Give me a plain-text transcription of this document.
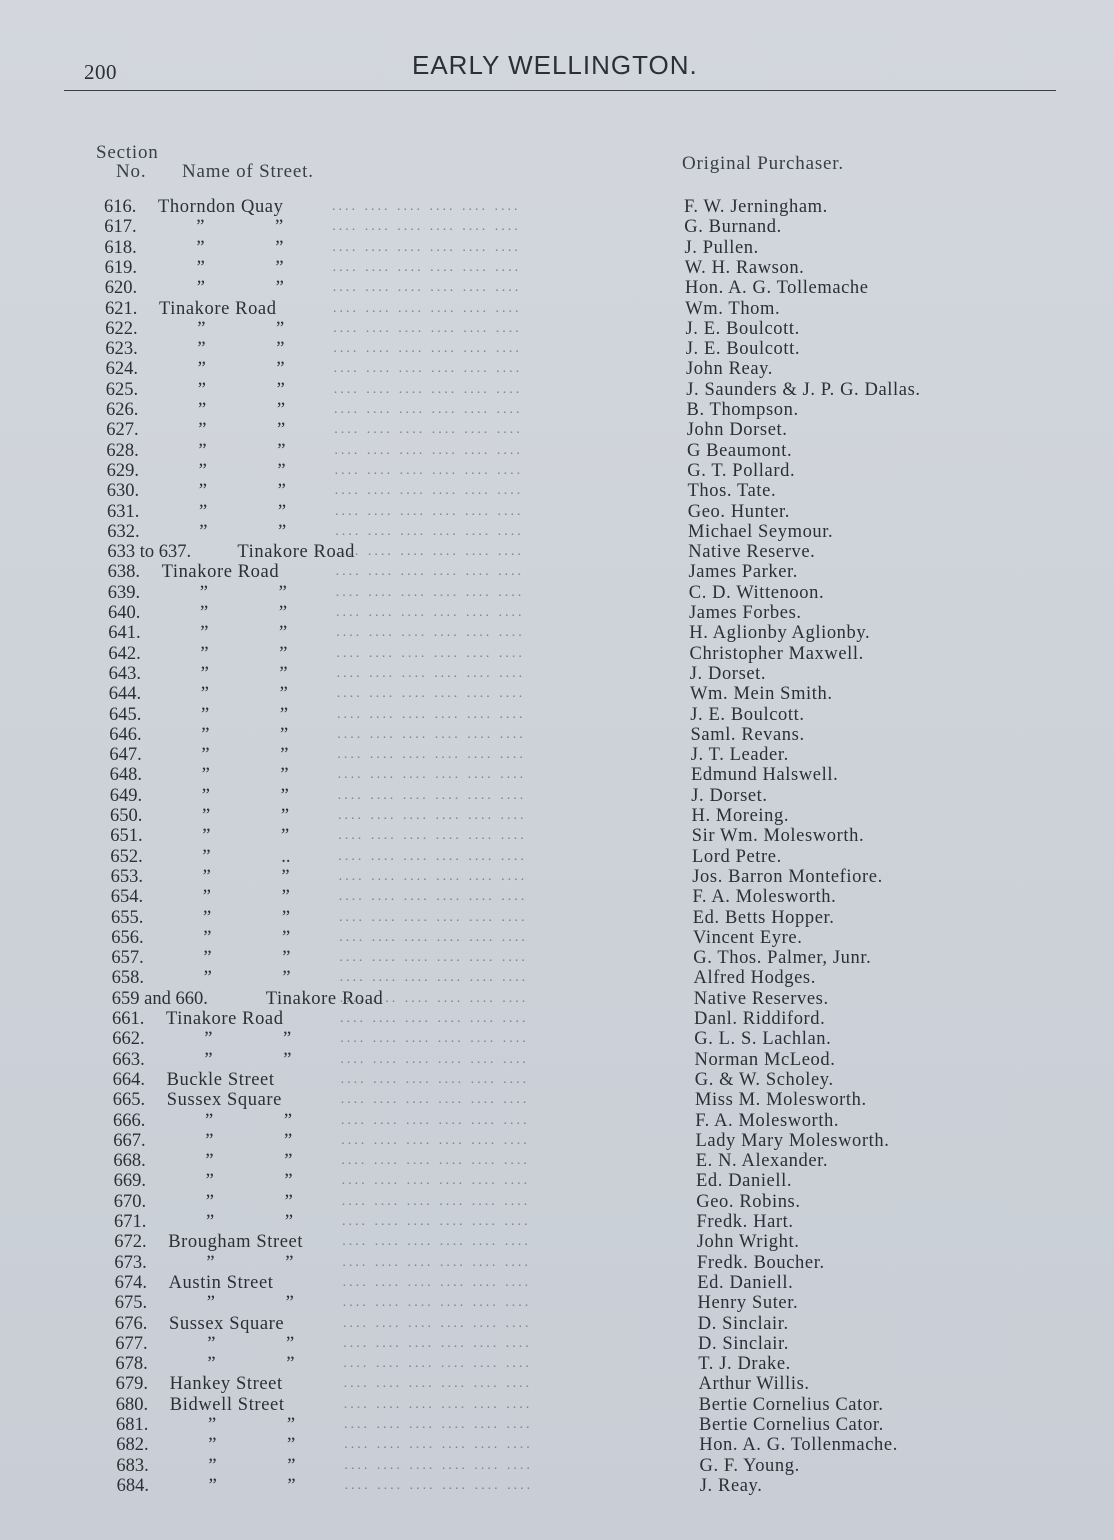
200	EARLY WELLINGTON.
Section
No. Name of Street.	Original Purchaser.
.... .... .... .... .... ....
616. Thorndon Quay	F. W. Jerningham.
.... .... .... .... .... ....
617.	” ”	G. Burnand.
.... .... .... .... .... ....
618.	” ”	J. Pullen.
.... .... .... .... .... ....
619.	” ”	W. H. Rawson.
.... .... .... .... .... ....
620.	” ”	Hon. A. G. Tollemache
.... .... .... .... .... ....
621. Tinakore Road	Wm. Thom.
.... .... .... .... .... ....
622.	” ”	J. E. Boulcott.
.... .... .... .... .... ....
623.	” ”	J. E. Boulcott.
.... .... .... .... .... ....
624.	” ”	John Reay.
.... .... .... .... .... ....
625.	” ”	J. Saunders & J. P. G. Dallas.
.... .... .... .... .... ....
626.	” ”	B. Thompson.
.... .... .... .... .... ....
627.	” ”	John Dorset.
.... .... .... .... .... ....
628.	” ”	G Beaumont.
.... .... .... .... .... ....
629.	” ”	G. T. Pollard.
.... .... .... .... .... ....
630.	” ”	Thos. Tate.
.... .... .... .... .... ....
631.	” ”	Geo. Hunter.
.... .... .... .... .... ....
632.	” ”	Michael Seymour.
.... .... .... .... .... ....
633 to 637. Tinakore Road	Native Reserve.
.... .... .... .... .... ....
638. Tinakore Road	James Parker.
.... .... .... .... .... ....
639.	” ”	C. D. Wittenoon.
.... .... .... .... .... ....
640.	” ”	James Forbes.
.... .... .... .... .... ....
641.	” ”	H. Aglionby Aglionby.
.... .... .... .... .... ....
642.	” ”	Christopher Maxwell.
.... .... .... .... .... ....
643.	” ”	J. Dorset.
.... .... .... .... .... ....
644.	” ”	Wm. Mein Smith.
.... .... .... .... .... ....
645.	” ”	J. E. Boulcott.
.... .... .... .... .... ....
646.	” ”	Saml. Revans.
.... .... .... .... .... ....
647.	” ”	J. T. Leader.
.... .... .... .... .... ....
648.	” ”	Edmund Halswell.
.... .... .... .... .... ....
649.	” ”	J. Dorset.
.... .... .... .... .... ....
650.	” ”	H. Moreing.
.... .... .... .... .... ....
651.	” ”	Sir Wm. Molesworth.
.... .... .... .... .... ....
652.	” ..	Lord Petre.
.... .... .... .... .... ....
653.	” ”	Jos. Barron Montefiore.
.... .... .... .... .... ....
654.	” ”	F. A. Molesworth.
.... .... .... .... .... ....
655.	” ”	Ed. Betts Hopper.
.... .... .... .... .... ....
656.	” ”	Vincent Eyre.
.... .... .... .... .... ....
657.	” ”	G. Thos. Palmer, Junr.
.... .... .... .... .... ....
658.	” ”	Alfred Hodges.
.... .... .... .... .... ....
659 and 660.	Tinakore Road	Native Reserves.
.... .... .... .... .... ....
661. Tinakore Road	Danl. Riddiford.
.... .... .... .... .... ....
662.	” ”	G. L. S. Lachlan.
.... .... .... .... .... ....
663.	” ”	Norman McLeod.
.... .... .... .... .... ....
664. Buckle Street	G. & W. Scholey.
.... .... .... .... .... ....
665. Sussex Square	Miss M. Molesworth.
.... .... .... .... .... ....
666.	” ”	F. A. Molesworth.
.... .... .... .... .... ....
667.	” ”	Lady Mary Molesworth.
.... .... .... .... .... ....
668.	” ”	E. N. Alexander.
.... .... .... .... .... ....
669.	” ”	Ed. Daniell.
.... .... .... .... .... ....
670.	” ”	Geo. Robins.
.... .... .... .... .... ....
671.	” ”	Fredk. Hart.
.... .... .... .... .... ....
672. Brougham Street	John Wright.
.... .... .... .... .... ....
673.	” ”	Fredk. Boucher.
.... .... .... .... .... ....
674. Austin Street	Ed. Daniell.
.... .... .... .... .... ....
675.	” ”	Henry Suter.
.... .... .... .... .... ....
676. Sussex Square	D. Sinclair.
.... .... .... .... .... ....
677.	” ”	D. Sinclair.
.... .... .... .... .... ....
678.	” ”	T. J. Drake.
.... .... .... .... .... ....
679. Hankey Street	Arthur Willis.
.... .... .... .... .... ....
680. Bidwell Street	Bertie Cornelius Cator.
.... .... .... .... .... ....
681.	” ”	Bertie Cornelius Cator.
.... .... .... .... .... ....
682.	” ”	Hon. A. G. Tollenmache.
.... .... .... .... .... ....
683.	” ”	G. F. Young.
.... .... .... .... .... ....
684.	” ”	J. Reay.
